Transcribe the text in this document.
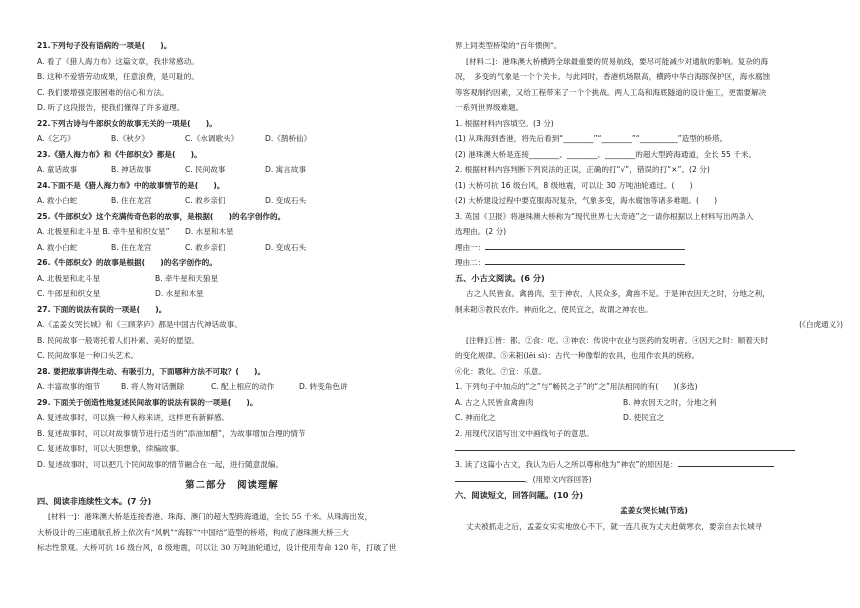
21.下列句子没有语病的一项是(　　)。
A. 看了《猎人海力布》这篇文章，我非常感动。
B. 这种不爱惜劳动成果，任意浪费，是可耻的。
C. 我们要增强克服困难的信心和方法。
D. 听了这段报告，使我们懂得了许多道理。
22.下列古诗与牛郎织女的故事无关的一项是(　　)。
A.《乞巧》	B.《秋夕》	C.《水调歌头》	D.《鹊桥仙》
23.《猎人海力布》和《牛郎织女》都是(　　)。
A. 童话故事	B. 神话故事	C. 民间故事	D. 寓言故事
24.下面不是《猎人海力布》中的故事情节的是(　　)。
A. 救小白蛇	B. 住在龙宫	C. 救乡亲们	D. 变成石头
25.《牛郎织女》这个充满传奇色彩的故事，是根据(　　)的名字创作的。
A. 北极星和北斗星 B. 牵牛星和织女星”	D. 水星和木星
A. 救小白蛇	B. 住在龙宫	C. 救乡亲们	D. 变成石头
26.《牛郎织女》的故事是根据(　　)的名字创作的。
A. 北极星和北斗星	B. 牵牛星和天狼星
C. 牛郎星和织女星	D. 水星和木星
27. 下面的说法有误的一项是(　　)。
A.《孟姜女哭长城》和《三顾茅庐》都是中国古代神话故事。
B. 民间故事一般寄托着人们朴素、美好的愿望。
C. 民间故事是一种口头艺术。
28. 要把故事讲得生动、有吸引力，下面哪种方法不可取？(　　)。
A. 丰富故事的细节	B. 将人物对话删除	C. 配上相应的动作	D. 转变角色讲
29. 下面关于创造性地复述民间故事的说法有误的一项是(　　)。
A. 复述故事时，可以换一种人称来讲，这样更有新鲜感。
B. 复述故事时，可以对故事情节进行适当的“添油加醋”，为故事增加合理的情节
C. 复述故事时，可以大胆想象，续编故事。
D. 复述故事时，可以把几个民间故事的情节融合在一起，进行随意混编。
第二部分　阅读理解
四、阅读非连续性文本。(7 分)
[材料一]：港珠澳大桥是连接香港、珠海、澳门的超大型跨海通道，全长 55 千米。从珠海出发，
大桥设计的三座通航孔桥上依次有“风帆”“海豚”“中国结”造型的桥塔，构成了港珠澳大桥三大
标志性景观。大桥可抗 16 级台风，8 级地震，可以让 30 万吨油轮通过，设计使用寿命 120 年，打破了世
界上同类型桥梁的“百年惯例”。
[材料二]：港珠澳大桥横跨全球最重要的贸易航线，要尽可能减少对通航的影响。复杂的海
况，　多变的气象是一个个关卡。与此同时，香港机场限高，横跨中华白海豚保护区，海水腐蚀
等客观制约因素，又给工程带来了一个个挑战。两人工岛和海底隧道的设计施工，更需要解决
一系列世界级难题。
1. 根据材料内容填空。(3 分)
(1) 从珠海到香港，将先后看到“________”“________”“__________”造型的桥塔。
(2) 港珠澳大桥是连接________、________、________的超大型跨海通道，全长 55 千米。
2. 根据材料内容判断下列说法的正误，正确的打“√”，错误的打“×”。(2 分)
(1) 大桥可抗 16 级台风，8 级地震，可以让 30 万吨油轮通过。(　　)
(2) 大桥建设过程中要克服海况复杂，气象多变，海水腐蚀等诸多难题。(　　)
3. 英国《卫报》将港珠澳大桥称为“现代世界七大奇迹”之一请你根据以上材料写出两条入
选理由。(2 分)
理由一：
理由二：
五、小古文阅读。(6 分)
古之人民皆食。禽兽肉，至于神农，人民众多，禽兽不足。于是神农因天之时，分地之利，
制耒耜⑤教民农作。神而化之，使民宜之，故谓之神农也。
(《白虎通义》)
[注释]①皆：都。②食：吃。③神农：传说中农业与医药的发明者。④因天之时：顺着天时
的变化规律。⑤耒耜(lěi sì)：古代一种像犁的农具，也用作农具的统称。
⑥化：教化。⑦宜：乐意。
1. 下列句子中加点的“之”与“畅民之子”的“之”用法相同的有(　　)(多选)
A. 古之人民皆食禽兽肉	B. 神农因天之时，分地之利
C. 神而化之	D. 使民宜之
2. 用现代汉语写出文中画线句子的意思。
3. 读了这篇小古文，我认为后人之所以尊称他为“神农”的原因是：
。(用原文内容回答)
六、阅读短文，回答问题。(10 分)
孟姜女哭长城(节选)
丈夫被抓走之后，孟姜女实实地放心不下，就一连几夜为丈夫赶做寒衣，要亲自去长城寻
